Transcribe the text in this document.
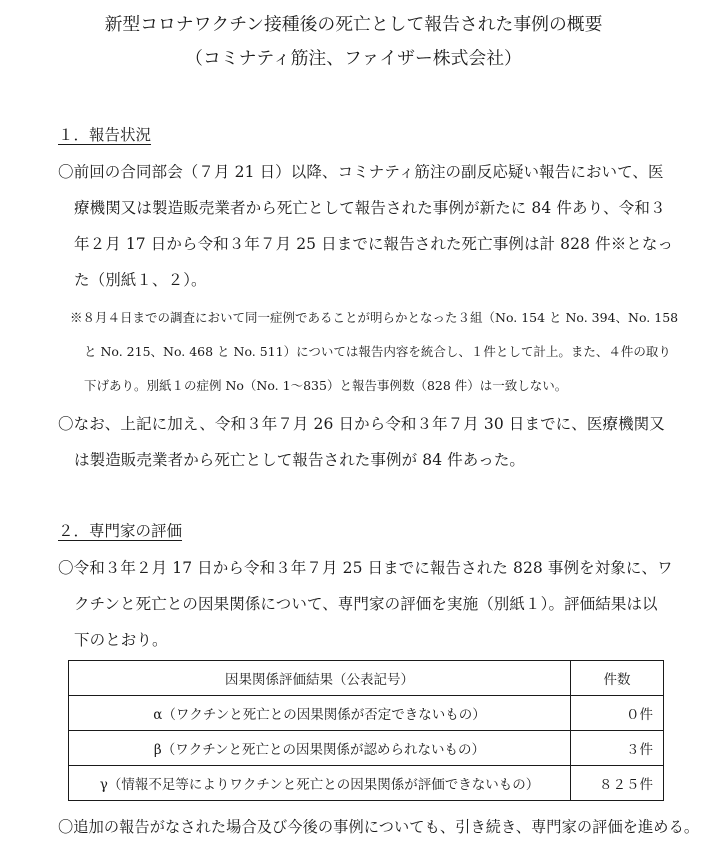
新型コロナワクチン接種後の死亡として報告された事例の概要
（コミナティ筋注、ファイザー株式会社）
１．報告状況
〇前回の合同部会（７月 21 日）以降、コミナティ筋注の副反応疑い報告において、医
療機関又は製造販売業者から死亡として報告された事例が新たに 84 件あり、令和３
年２月 17 日から令和３年７月 25 日までに報告された死亡事例は計 828 件※となっ
た（別紙１、２）。
※８月４日までの調査において同一症例であることが明らかとなった３組（No. 154 と No. 394、No. 158
と No. 215、No. 468 と No. 511）については報告内容を統合し、１件として計上。また、４件の取り
下げあり。別紙１の症例 No（No. 1～835）と報告事例数（828 件）は一致しない。
〇なお、上記に加え、令和３年７月 26 日から令和３年７月 30 日までに、医療機関又
は製造販売業者から死亡として報告された事例が 84 件あった。
２．専門家の評価
〇令和３年２月 17 日から令和３年７月 25 日までに報告された 828 事例を対象に、ワ
クチンと死亡との因果関係について、専門家の評価を実施（別紙１）。評価結果は以
下のとおり。
因果関係評価結果（公表記号）	件数
α（ワクチンと死亡との因果関係が否定できないもの）	０件
β（ワクチンと死亡との因果関係が認められないもの）	３件
γ（情報不足等によりワクチンと死亡との因果関係が評価できないもの）	８２５件
〇追加の報告がなされた場合及び今後の事例についても、引き続き、専門家の評価を進める。
